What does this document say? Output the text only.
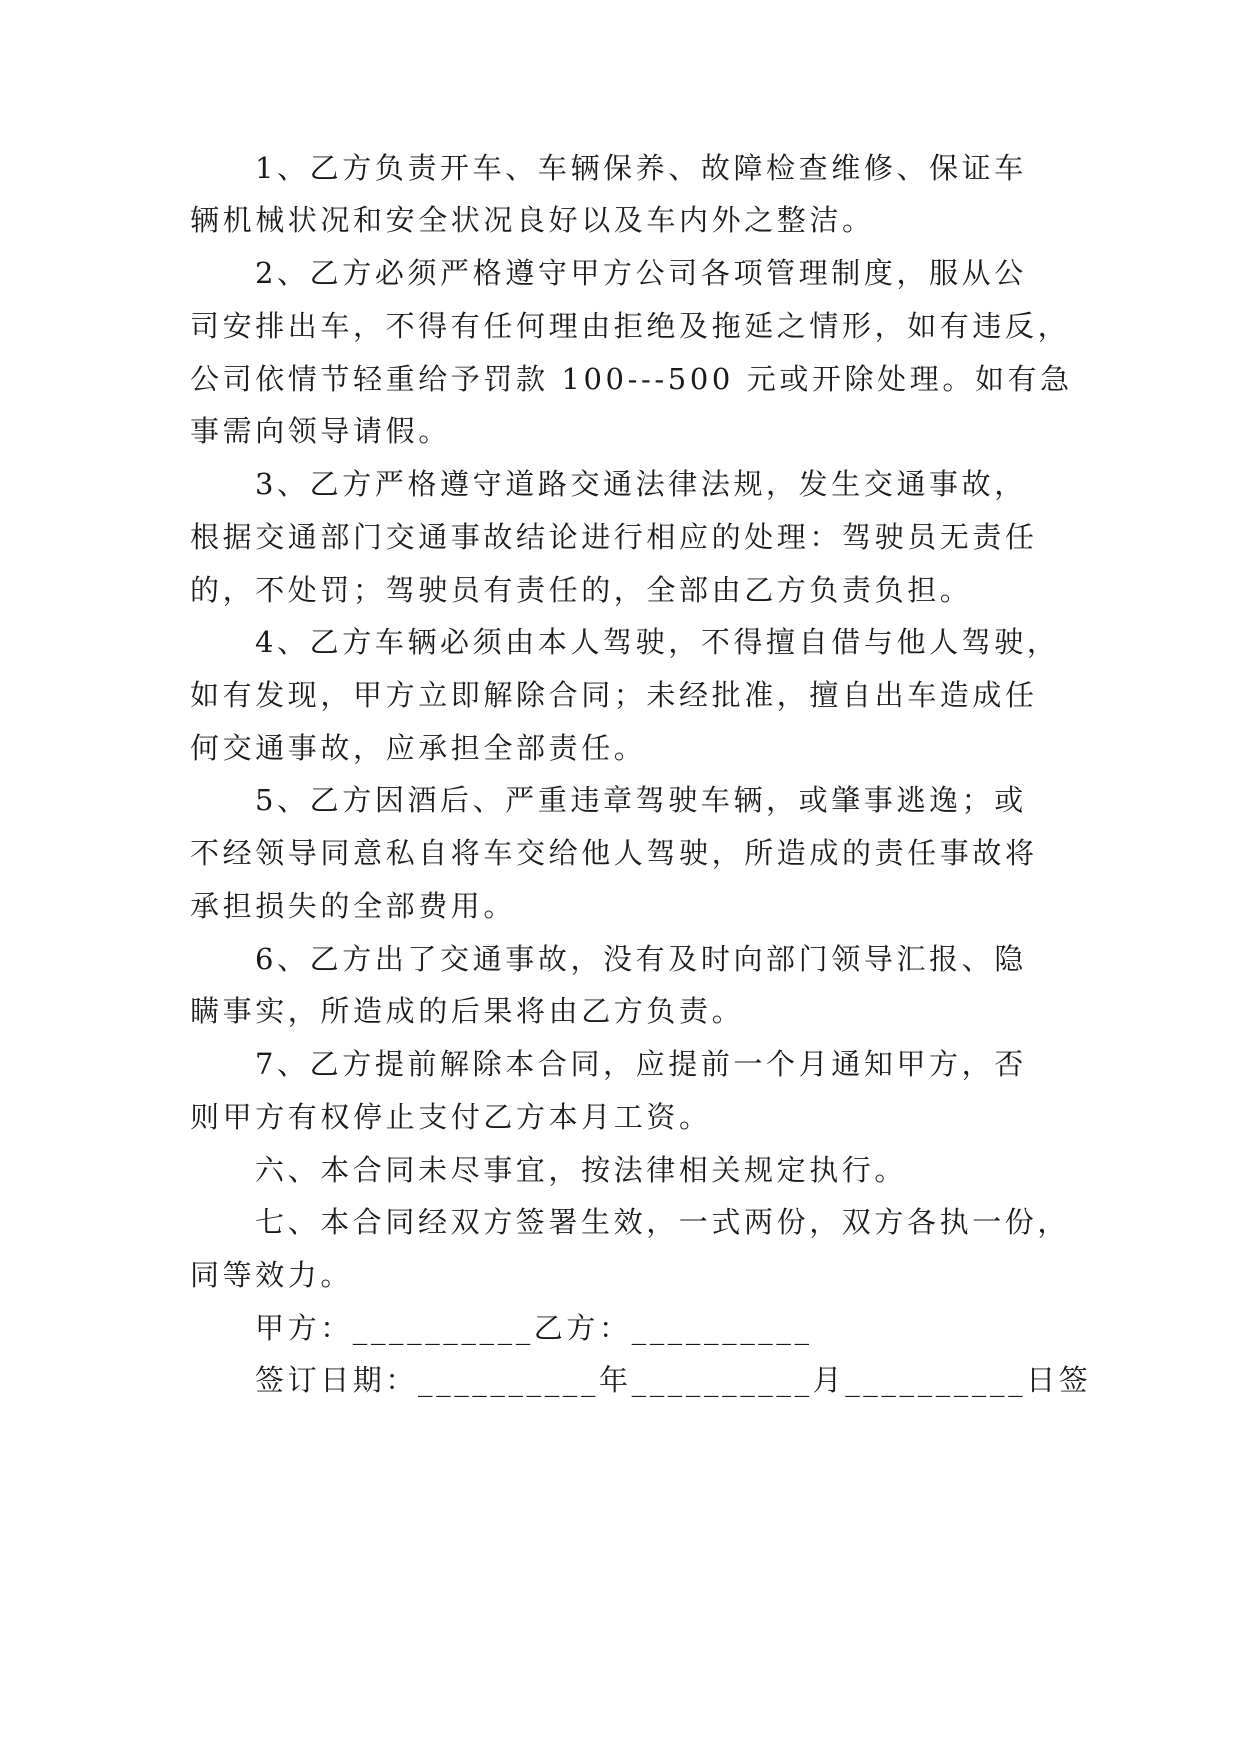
1、乙方负责开车、车辆保养、故障检查维修、保证车
辆机械状况和安全状况良好以及车内外之整洁。
2、乙方必须严格遵守甲方公司各项管理制度，服从公
司安排出车，不得有任何理由拒绝及拖延之情形，如有违反，
公司依情节轻重给予罚款 100---500 元或开除处理。如有急
事需向领导请假。
3、乙方严格遵守道路交通法律法规，发生交通事故，
根据交通部门交通事故结论进行相应的处理：驾驶员无责任
的，不处罚；驾驶员有责任的，全部由乙方负责负担。
4、乙方车辆必须由本人驾驶，不得擅自借与他人驾驶，
如有发现，甲方立即解除合同；未经批准，擅自出车造成任
何交通事故，应承担全部责任。
5、乙方因酒后、严重违章驾驶车辆，或肇事逃逸；或
不经领导同意私自将车交给他人驾驶，所造成的责任事故将
承担损失的全部费用。
6、乙方出了交通事故，没有及时向部门领导汇报、隐
瞒事实，所造成的后果将由乙方负责。
7、乙方提前解除本合同，应提前一个月通知甲方，否
则甲方有权停止支付乙方本月工资。
六、本合同未尽事宜，按法律相关规定执行。
七、本合同经双方签署生效，一式两份，双方各执一份，
同等效力。
甲方：__________乙方：__________
签订日期：__________年__________月__________日签
